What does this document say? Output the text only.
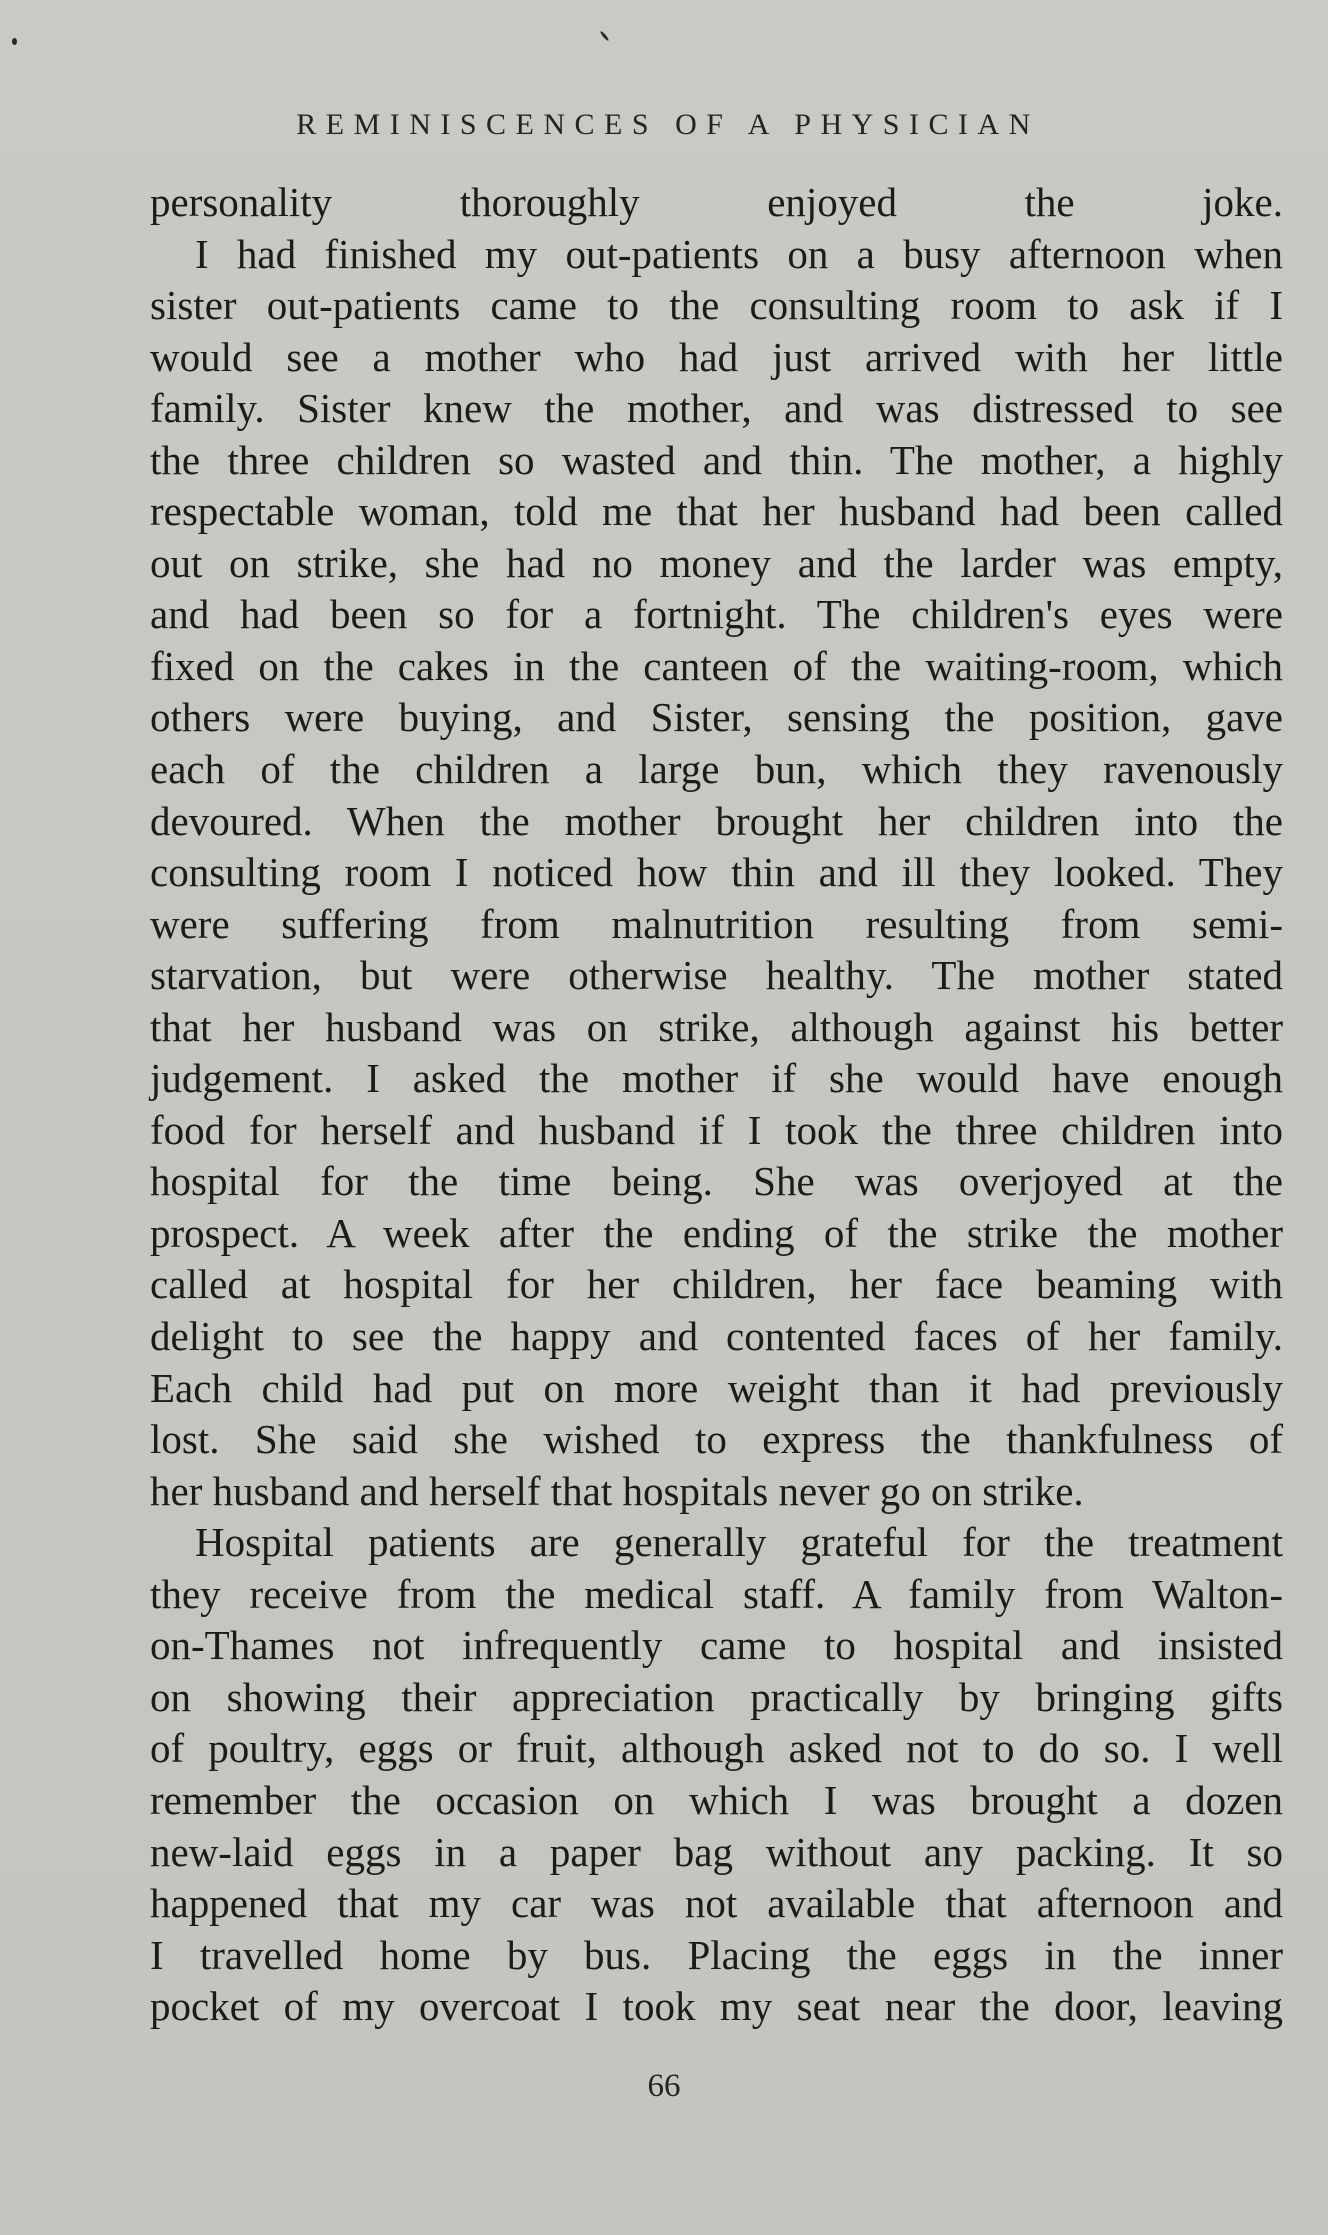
REMINISCENCES OF A PHYSICIAN
personality thoroughly enjoyed the joke.
I had finished my out-patients on a busy afternoon when
sister out-patients came to the consulting room to ask if I
would see a mother who had just arrived with her little
family. Sister knew the mother, and was distressed to see
the three children so wasted and thin. The mother, a highly
respectable woman, told me that her husband had been called
out on strike, she had no money and the larder was empty,
and had been so for a fortnight. The children's eyes were
fixed on the cakes in the canteen of the waiting-room, which
others were buying, and Sister, sensing the position, gave
each of the children a large bun, which they ravenously
devoured. When the mother brought her children into the
consulting room I noticed how thin and ill they looked. They
were suffering from malnutrition resulting from semi-
starvation, but were otherwise healthy. The mother stated
that her husband was on strike, although against his better
judgement. I asked the mother if she would have enough
food for herself and husband if I took the three children into
hospital for the time being. She was overjoyed at the
prospect. A week after the ending of the strike the mother
called at hospital for her children, her face beaming with
delight to see the happy and contented faces of her family.
Each child had put on more weight than it had previously
lost. She said she wished to express the thankfulness of
her husband and herself that hospitals never go on strike.
Hospital patients are generally grateful for the treatment
they receive from the medical staff. A family from Walton-
on-Thames not infrequently came to hospital and insisted
on showing their appreciation practically by bringing gifts
of poultry, eggs or fruit, although asked not to do so. I well
remember the occasion on which I was brought a dozen
new-laid eggs in a paper bag without any packing. It so
happened that my car was not available that afternoon and
I travelled home by bus. Placing the eggs in the inner
pocket of my overcoat I took my seat near the door, leaving
66
